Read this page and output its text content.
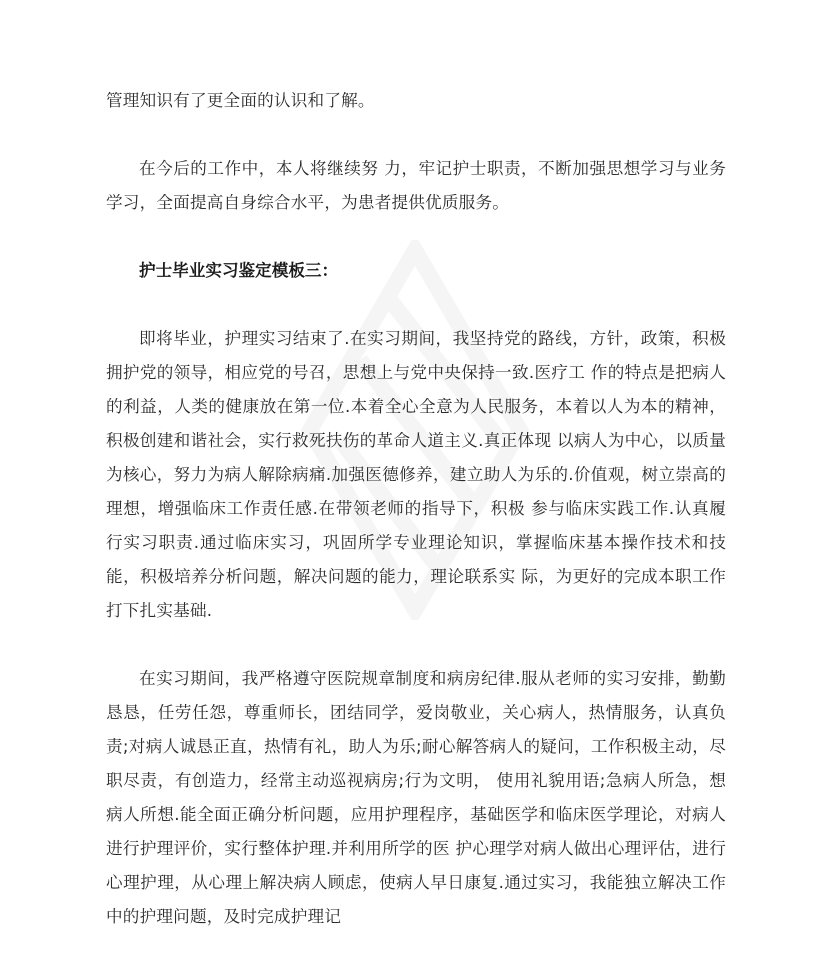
管理知识有了更全面的认识和了解。

在今后的工作中，本人将继续努 力，牢记护士职责，不断加强思想学习与业务学习，全面提高自身综合水平，为患者提供优质服务。

护士毕业实习鉴定模板三：

即将毕业，护理实习结束了.在实习期间，我坚持党的路线，方针，政策，积极拥护党的领导，相应党的号召，思想上与党中央保持一致.医疗工 作的特点是把病人的利益，人类的健康放在第一位.本着全心全意为人民服务，本着以人为本的精神，积极创建和谐社会，实行救死扶伤的革命人道主义.真正体现 以病人为中心，以质量为核心，努力为病人解除病痛.加强医德修养，建立助人为乐的.价值观，树立崇高的理想，增强临床工作责任感.在带领老师的指导下，积极 参与临床实践工作.认真履行实习职责.通过临床实习，巩固所学专业理论知识，掌握临床基本操作技术和技能，积极培养分析问题，解决问题的能力，理论联系实 际，为更好的完成本职工作打下扎实基础.

在实习期间，我严格遵守医院规章制度和病房纪律.服从老师的实习安排，勤勤恳恳，任劳任怨，尊重师长，团结同学，爱岗敬业，关心病人，热情服务，认真负责;对病人诚恳正直，热情有礼，助人为乐;耐心解答病人的疑问，工作积极主动，尽职尽责，有创造力，经常主动巡视病房;行为文明， 使用礼貌用语;急病人所急，想病人所想.能全面正确分析问题，应用护理程序，基础医学和临床医学理论，对病人进行护理评价，实行整体护理.并利用所学的医 护心理学对病人做出心理评估，进行心理护理，从心理上解决病人顾虑，使病人早日康复.通过实习，我能独立解决工作中的护理问题，及时完成护理记
